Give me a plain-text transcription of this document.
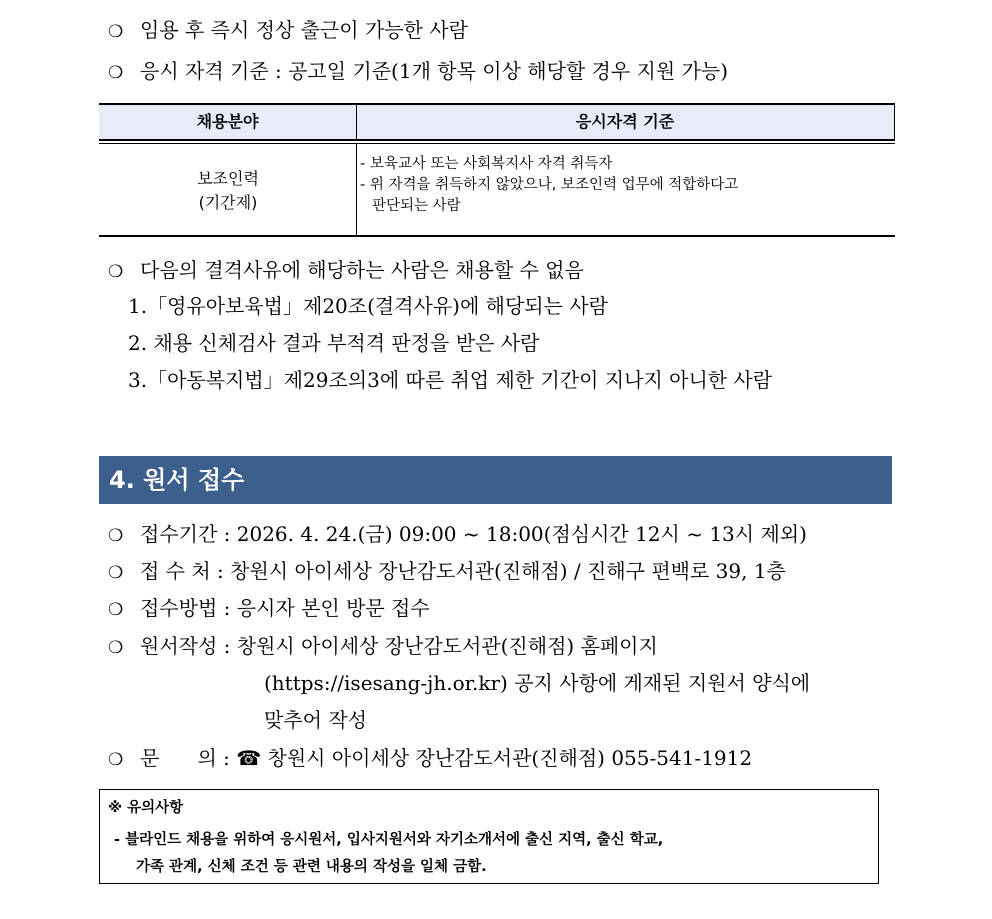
❍ 임용 후 즉시 정상 출근이 가능한 사람
❍ 응시 자격 기준 : 공고일 기준(1개 항목 이상 해당할 경우 지원 가능)
채용분야	응시자격 기준
보조인력
(기간제)
- 보육교사 또는 사회복지사 자격 취득자
- 위 자격을 취득하지 않았으나, 보조인력 업무에 적합하다고
판단되는 사람
❍ 다음의 결격사유에 해당하는 사람은 채용할 수 없음
1.「영유아보육법」제20조(결격사유)에 해당되는 사람
2. 채용 신체검사 결과 부적격 판정을 받은 사람
3.「아동복지법」제29조의3에 따른 취업 제한 기간이 지나지 아니한 사람
4. 원서 접수
❍ 접수기간 : 2026. 4. 24.(금) 09:00 ~ 18:00(점심시간 12시 ~ 13시 제외)
❍ 접 수 처 : 창원시 아이세상 장난감도서관(진해점) / 진해구 편백로 39, 1층
❍ 접수방법 : 응시자 본인 방문 접수
❍ 원서작성 : 창원시 아이세상 장난감도서관(진해점) 홈페이지
(https://isesang-jh.or.kr) 공지 사항에 게재된 지원서 양식에
맞추어 작성
❍ 문      의 : ☎ 창원시 아이세상 장난감도서관(진해점) 055-541-1912
※ 유의사항
- 블라인드 채용을 위하여 응시원서, 입사지원서와 자기소개서에 출신 지역, 출신 학교,
가족 관계, 신체 조건 등 관련 내용의 작성을 일체 금함.
